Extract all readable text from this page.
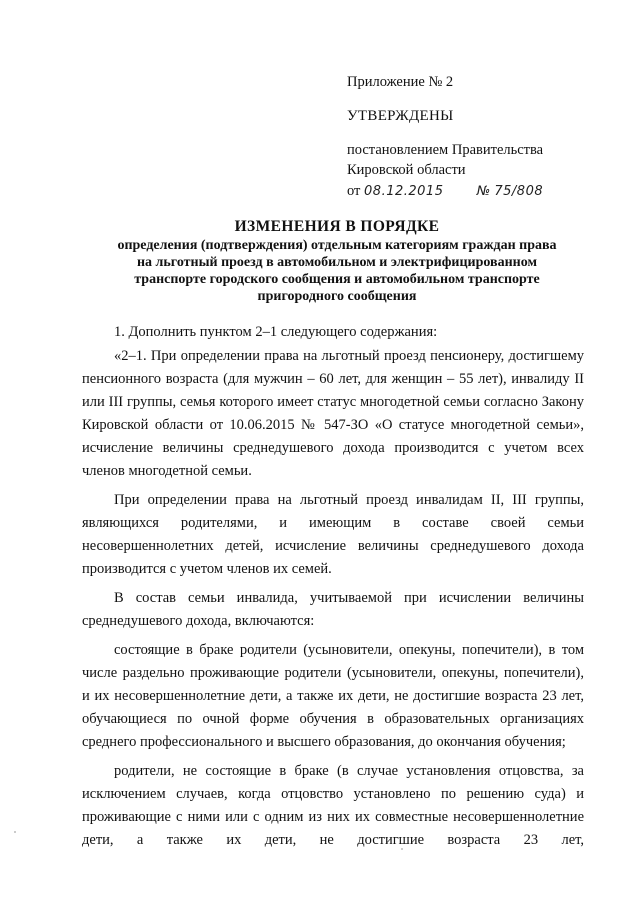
Приложение № 2
УТВЕРЖДЕНЫ
постановлением Правительства
Кировской области
от 08.12.2015	№ 75/808
ИЗМЕНЕНИЯ В ПОРЯДКЕ
определения (подтверждения) отдельным категориям граждан права
на льготный проезд в автомобильном и электрифицированном
транспорте городского сообщения и автомобильном транспорте
пригородного сообщения

1. Дополнить пунктом 2–1 следующего содержания:

«2–1. При определении права на льготный проезд пенсионеру, достигшему пенсионного возраста (для мужчин – 60 лет, для женщин – 55 лет), инвалиду II или III группы, семья которого имеет статус многодетной семьи согласно Закону Кировской области от 10.06.2015 № 547-ЗО «О статусе многодетной семьи», исчисление величины среднедушевого дохода производится с учетом всех членов многодетной семьи.

При определении права на льготный проезд инвалидам II, III группы, являющихся родителями, и имеющим в составе своей семьи несовершеннолетних детей, исчисление величины среднедушевого дохода производится с учетом членов их семей.

В состав семьи инвалида, учитываемой при исчислении величины среднедушевого дохода, включаются:

состоящие в браке родители (усыновители, опекуны, попечители), в том числе раздельно проживающие родители (усыновители, опекуны, попечители), и их несовершеннолетние дети, а также их дети, не достигшие возраста 23 лет, обучающиеся по очной форме обучения в образовательных организациях среднего профессионального и высшего образования, до окончания обучения;

родители, не состоящие в браке (в случае установления отцовства, за исключением случаев, когда отцовство установлено по решению суда) и проживающие с ними или с одним из них их совместные несовершеннолетние дети, а также их дети, не достигшие возраста 23 лет,
